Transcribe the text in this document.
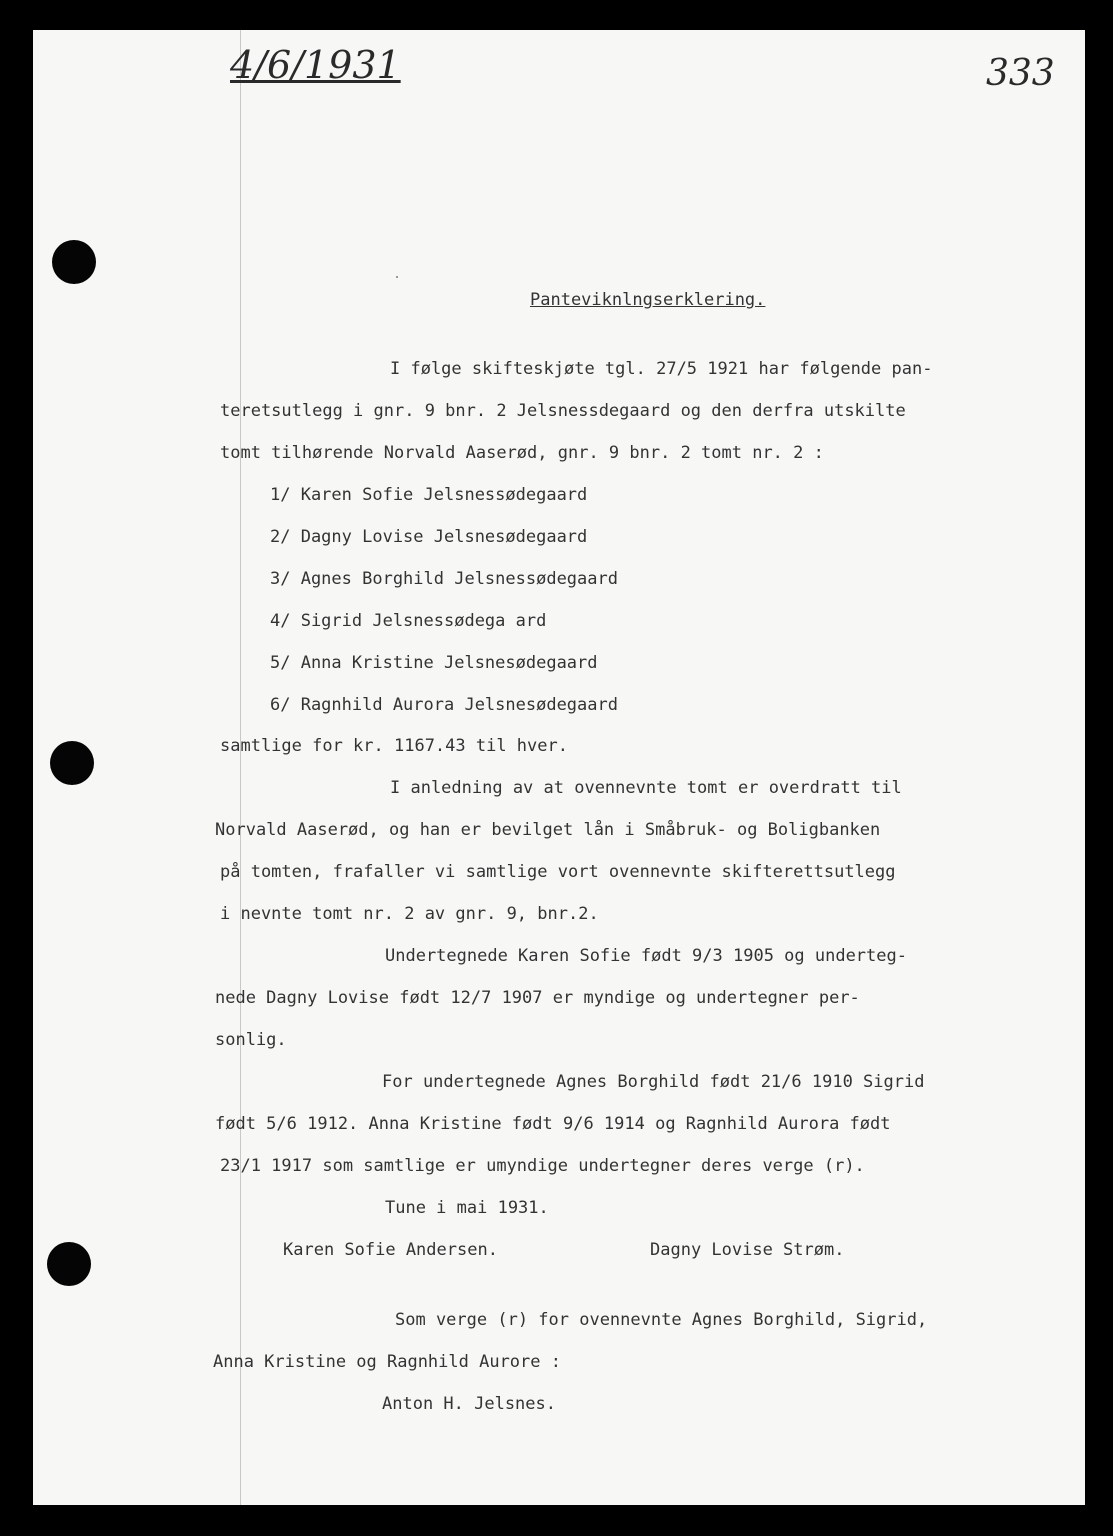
4/6/1931	333
Panteviknlngserklering.
I følge skifteskjøte tgl. 27/5 1921 har følgende pan-
teretsutlegg i gnr. 9 bnr. 2 Jelsnessdegaard og den derfra utskilte
tomt tilhørende Norvald Aaserød, gnr. 9 bnr. 2 tomt nr. 2 :
1/ Karen Sofie Jelsnessødegaard
2/ Dagny Lovise Jelsnesødegaard
3/ Agnes Borghild Jelsnessødegaard
4/ Sigrid Jelsnessødega ard
5/ Anna Kristine Jelsnesødegaard
6/ Ragnhild Aurora Jelsnesødegaard
samtlige for kr. 1167.43 til hver.
I anledning av at ovennevnte tomt er overdratt til
Norvald Aaserød, og han er bevilget lån i Småbruk- og Boligbanken
på tomten, frafaller vi samtlige vort ovennevnte skifterettsutlegg
i nevnte tomt nr. 2 av gnr. 9, bnr.2.
Undertegnede Karen Sofie født 9/3 1905 og underteg-
nede Dagny Lovise født 12/7 1907 er myndige og undertegner per-
sonlig.
For undertegnede Agnes Borghild født 21/6 1910 Sigrid
født 5/6 1912. Anna Kristine født 9/6 1914 og Ragnhild Aurora født
23/1 1917 som samtlige er umyndige undertegner deres verge (r).
Tune i mai 1931.
Karen Sofie Andersen.	Dagny Lovise Strøm.
Som verge (r) for ovennevnte Agnes Borghild, Sigrid,
Anna Kristine og Ragnhild Aurore :
Anton H. Jelsnes.
